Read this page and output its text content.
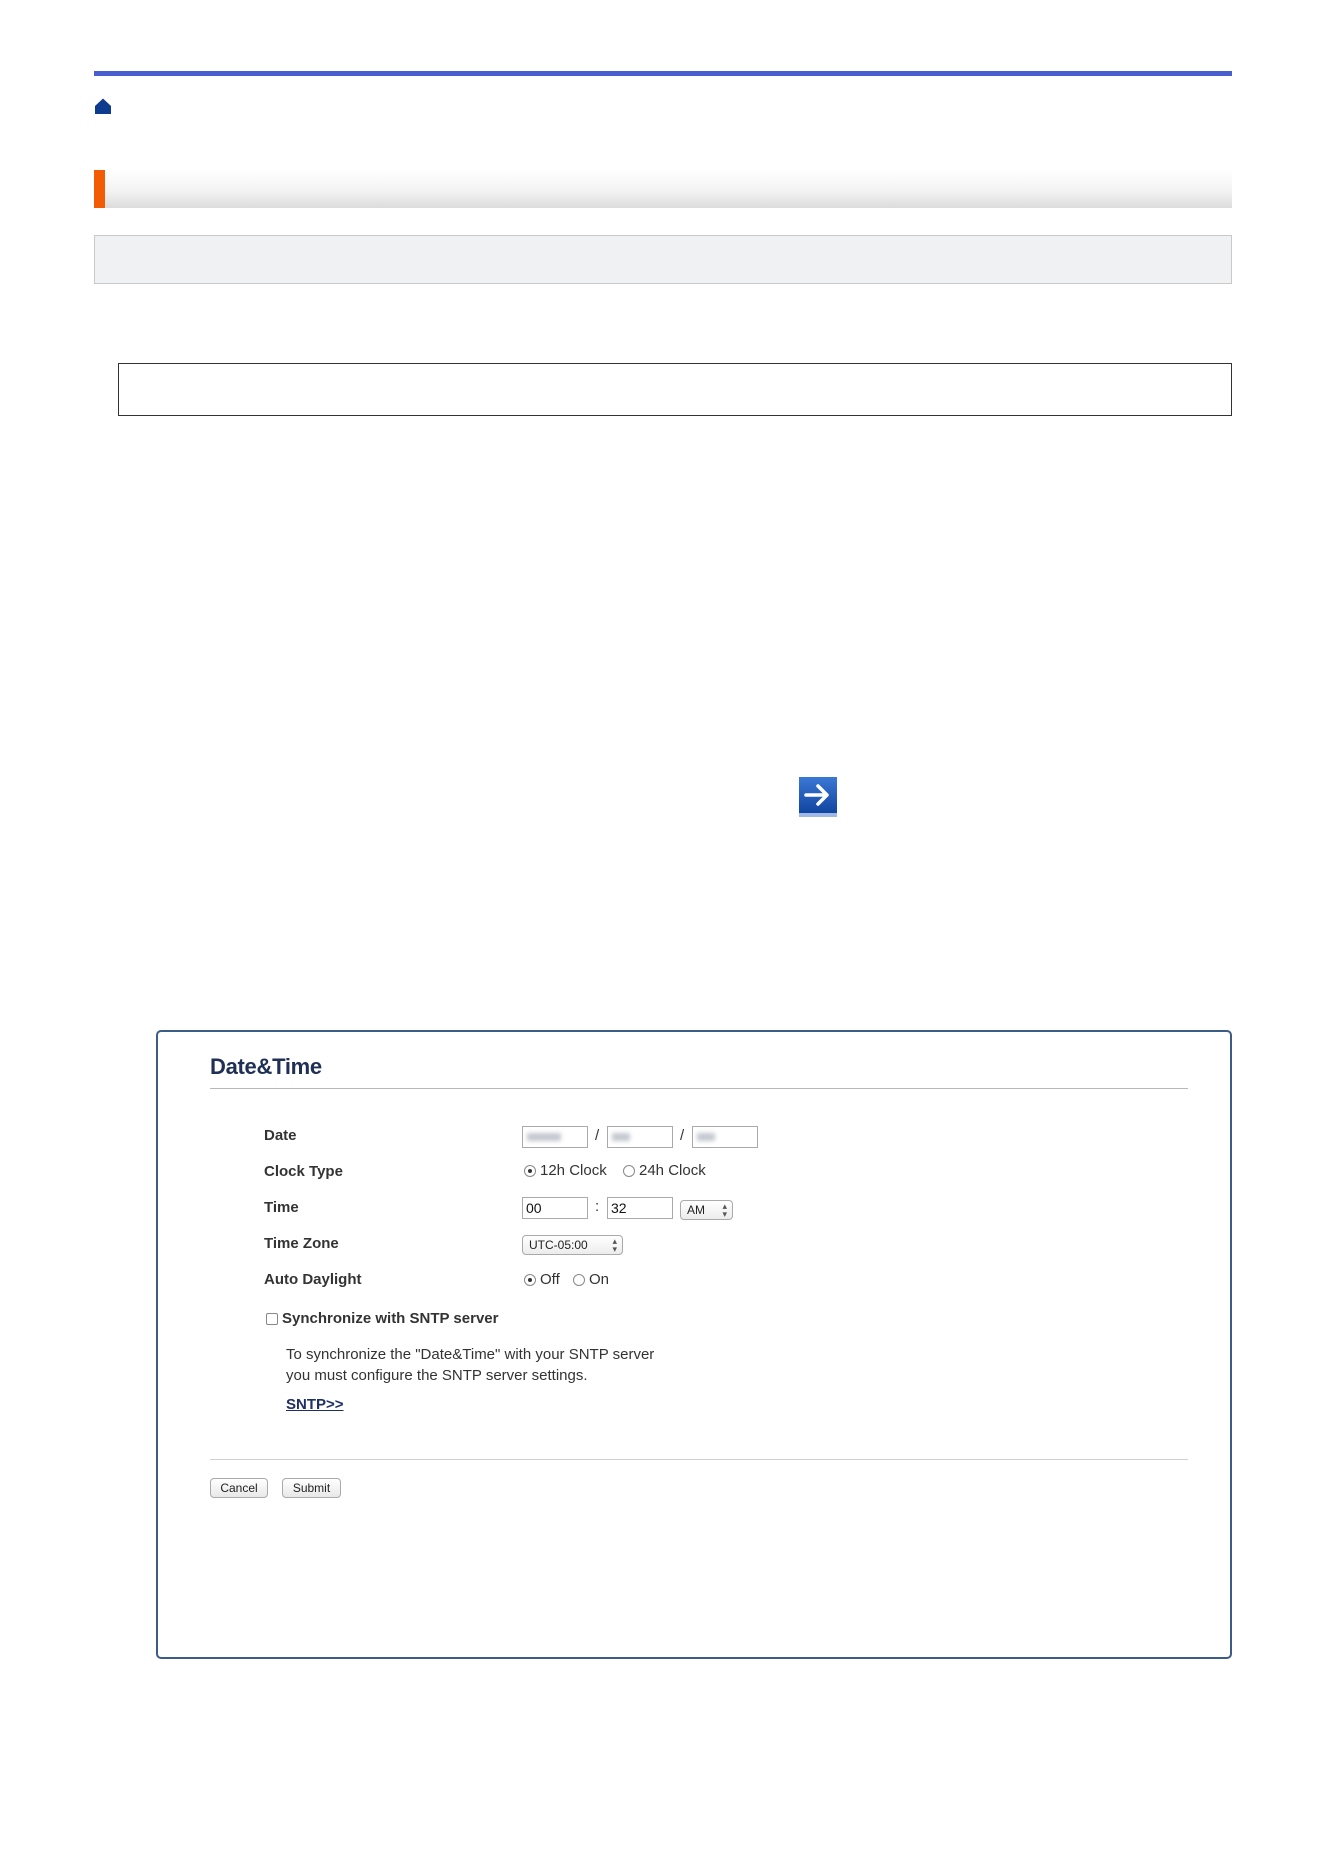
Date&Time
Date	/	/
Clock Type	12h Clock 24h Clock
Time	00	: 32	AM ▴
▾
Time Zone	UTC-05:00	▴
▾
Auto Daylight	Off On
Synchronize with SNTP server
To synchronize the "Date&Time" with your SNTP server
you must configure the SNTP server settings.
SNTP>>
Cancel	Submit
